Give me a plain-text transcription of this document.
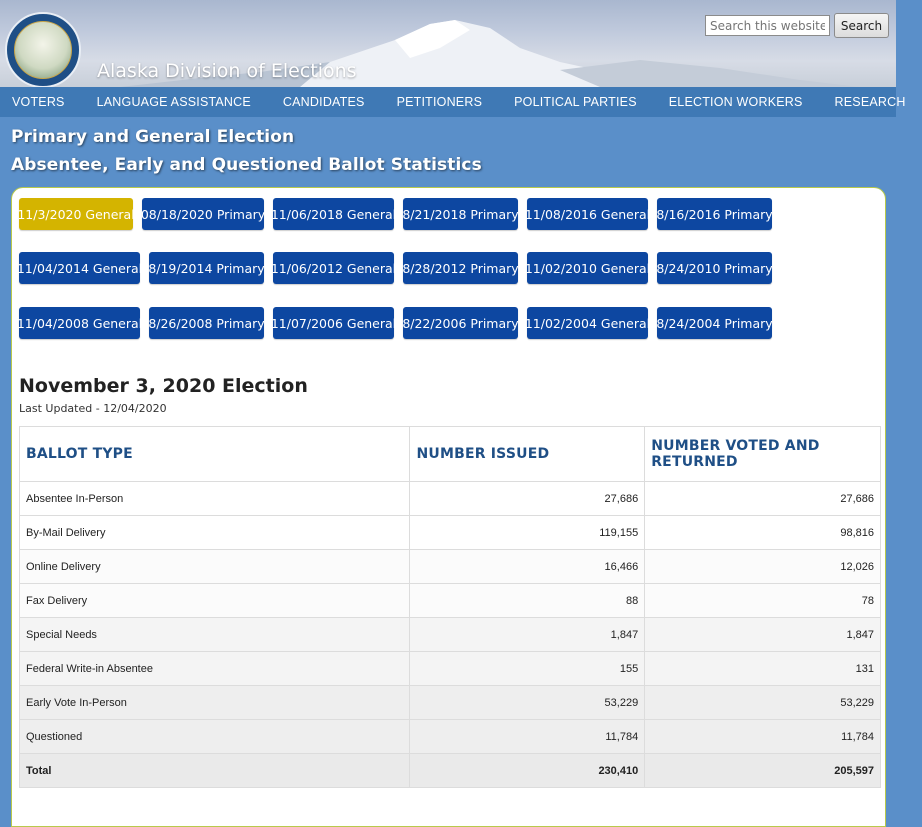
Alaska Division of Elections
Search this website ...
Search
VOTERS	LANGUAGE ASSISTANCE	CANDIDATES	PETITIONERS	POLITICAL PARTIES	ELECTION WORKERS	RESEARCH
Primary and General Election
Absentee, Early and Questioned Ballot Statistics
11/3/2020 General 08/18/2020 Primary 11/06/2018 General 8/21/2018 Primary 11/08/2016 General 8/16/2016 Primary
11/04/2014 General 8/19/2014 Primary 11/06/2012 General 8/28/2012 Primary 11/02/2010 General 8/24/2010 Primary
11/04/2008 General 8/26/2008 Primary 11/07/2006 General 8/22/2006 Primary 11/02/2004 General 8/24/2004 Primary
November 3, 2020 Election
Last Updated - 12/04/2020
BALLOT TYPE	NUMBER ISSUED	NUMBER VOTED AND RETURNED
Absentee In-Person	27,686	27,686
By-Mail Delivery	119,155	98,816
Online Delivery	16,466	12,026
Fax Delivery	88	78
Special Needs	1,847	1,847
Federal Write-in Absentee	155	131
Early Vote In-Person	53,229	53,229
Questioned	11,784	11,784
Total	230,410	205,597
